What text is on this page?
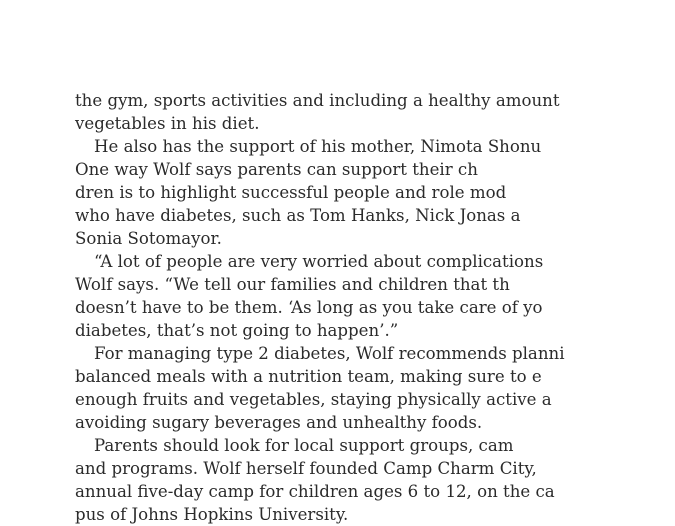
the gym, sports activities and including a healthy amount
vegetables in his diet.
He also has the support of his mother, Nimota Shonu
One way Wolf says parents can support their ch
dren is to highlight successful people and role mod
who have diabetes, such as Tom Hanks, Nick Jonas a
Sonia Sotomayor.
“A lot of people are very worried about complications
Wolf says. “We tell our families and children that th
doesn’t have to be them. ‘As long as you take care of yo
diabetes, that’s not going to happen’.”
For managing type 2 diabetes, Wolf recommends planni
balanced meals with a nutrition team, making sure to e
enough fruits and vegetables, staying physically active a
avoiding sugary beverages and unhealthy foods.
Parents should look for local support groups, cam
and programs. Wolf herself founded Camp Charm City,
annual five-day camp for children ages 6 to 12, on the ca
pus of Johns Hopkins University.
